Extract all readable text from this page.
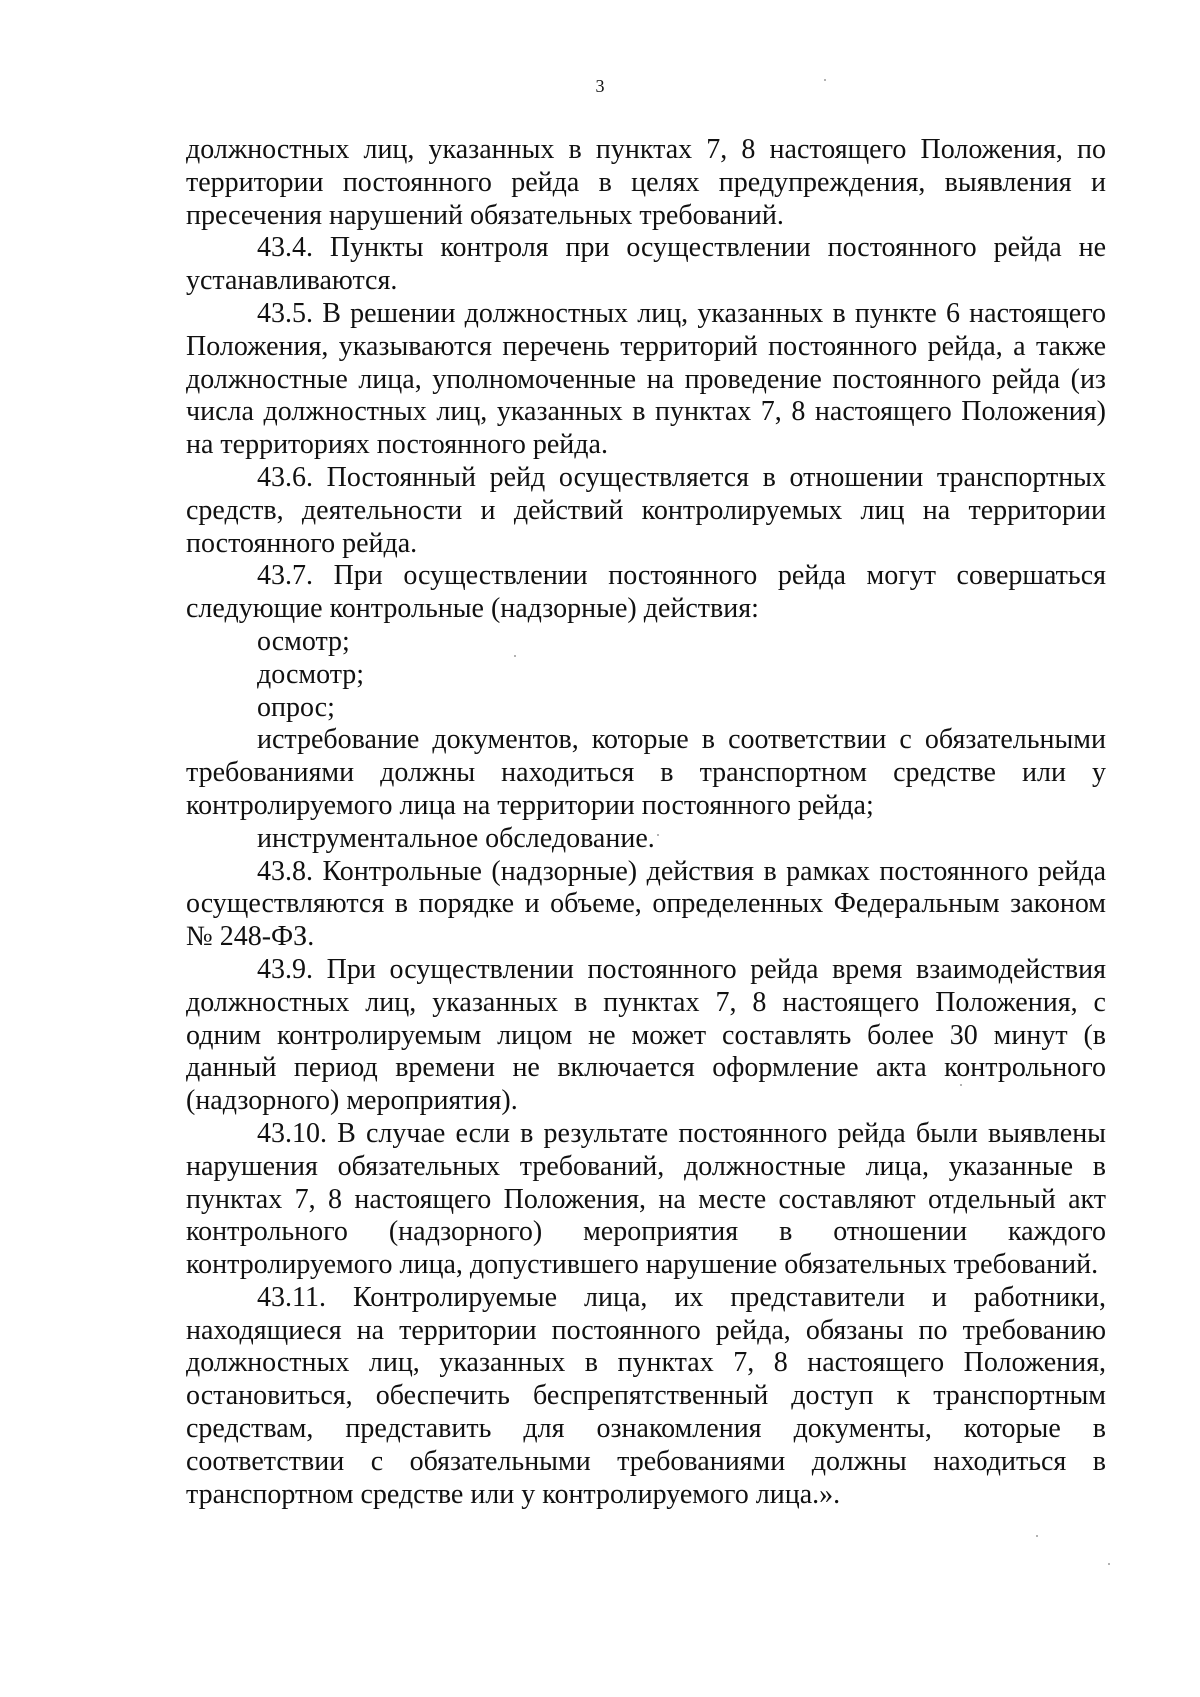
3

должностных лиц, указанных в пунктах 7, 8 настоящего Положения, по территории постоянного рейда в целях предупреждения, выявления и пресечения нарушений обязательных требований.

43.4. Пункты контроля при осуществлении постоянного рейда не устанавливаются.

43.5. В решении должностных лиц, указанных в пункте 6 настоящего Положения, указываются перечень территорий постоянного рейда, а также должностные лица, уполномоченные на проведение постоянного рейда (из числа должностных лиц, указанных в пунктах 7, 8 настоящего Положения) на территориях постоянного рейда.

43.6. Постоянный рейд осуществляется в отношении транспортных средств, деятельности и действий контролируемых лиц на территории постоянного рейда.

43.7. При осуществлении постоянного рейда могут совершаться следующие контрольные (надзорные) действия:

осмотр;

досмотр;

опрос;

истребование документов, которые в соответствии с обязательными требованиями должны находиться в транспортном средстве или у контролируемого лица на территории постоянного рейда;

инструментальное обследование.

43.8. Контрольные (надзорные) действия в рамках постоянного рейда осуществляются в порядке и объеме, определенных Федеральным законом № 248-ФЗ.

43.9. При осуществлении постоянного рейда время взаимодействия должностных лиц, указанных в пунктах 7, 8 настоящего Положения, с одним контролируемым лицом не может составлять более 30 минут (в данный период времени не включается оформление акта контрольного (надзорного) мероприятия).

43.10. В случае если в результате постоянного рейда были выявлены нарушения обязательных требований, должностные лица, указанные в пунктах 7, 8 настоящего Положения, на месте составляют отдельный акт контрольного (надзорного) мероприятия в отношении каждого контролируемого лица, допустившего нарушение обязательных требований.

43.11. Контролируемые лица, их представители и работники, находящиеся на территории постоянного рейда, обязаны по требованию должностных лиц, указанных в пунктах 7, 8 настоящего Положения, остановиться, обеспечить беспрепятственный доступ к транспортным средствам, представить для ознакомления документы, которые в соответствии с обязательными требованиями должны находиться в транспортном средстве или у контролируемого лица.».
